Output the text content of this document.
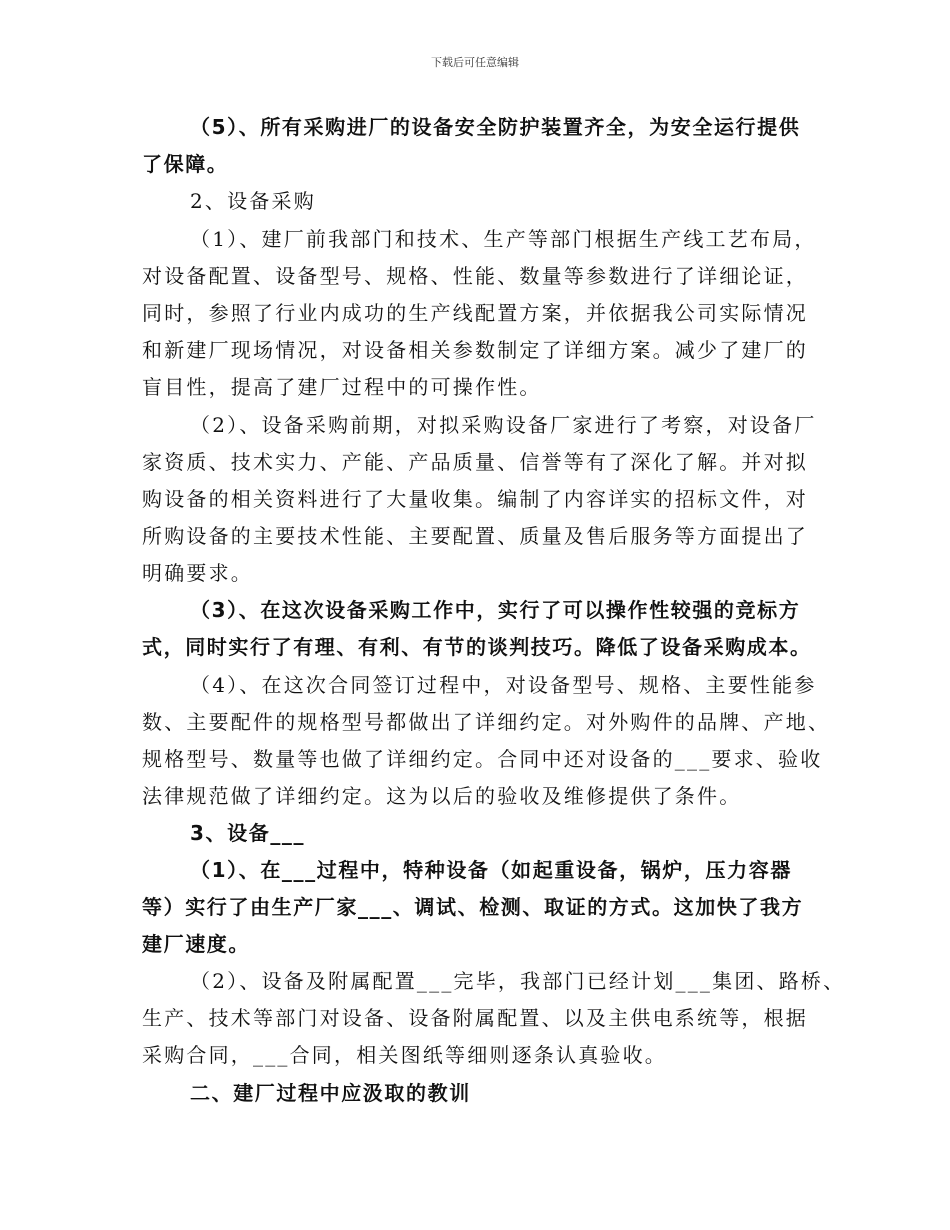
下载后可任意编辑
（5）、所有采购进厂的设备安全防护装置齐全，为安全运行提供
了保障。
2、设备采购
（1）、建厂前我部门和技术、生产等部门根据生产线工艺布局，
对设备配置、设备型号、规格、性能、数量等参数进行了详细论证，
同时，参照了行业内成功的生产线配置方案，并依据我公司实际情况
和新建厂现场情况，对设备相关参数制定了详细方案。减少了建厂的
盲目性，提高了建厂过程中的可操作性。
（2）、设备采购前期，对拟采购设备厂家进行了考察，对设备厂
家资质、技术实力、产能、产品质量、信誉等有了深化了解。并对拟
购设备的相关资料进行了大量收集。编制了内容详实的招标文件，对
所购设备的主要技术性能、主要配置、质量及售后服务等方面提出了
明确要求。
（3）、在这次设备采购工作中，实行了可以操作性较强的竞标方
式，同时实行了有理、有利、有节的谈判技巧。降低了设备采购成本。
（4）、在这次合同签订过程中，对设备型号、规格、主要性能参
数、主要配件的规格型号都做出了详细约定。对外购件的品牌、产地、
规格型号、数量等也做了详细约定。合同中还对设备的___要求、验收
法律规范做了详细约定。这为以后的验收及维修提供了条件。
3、设备___
（1）、在___过程中，特种设备（如起重设备，锅炉，压力容器
等）实行了由生产厂家___、调试、检测、取证的方式。这加快了我方
建厂速度。
（2）、设备及附属配置___完毕，我部门已经计划___集团、路桥、
生产、技术等部门对设备、设备附属配置、以及主供电系统等，根据
采购合同，___合同，相关图纸等细则逐条认真验收。
二、建厂过程中应汲取的教训
